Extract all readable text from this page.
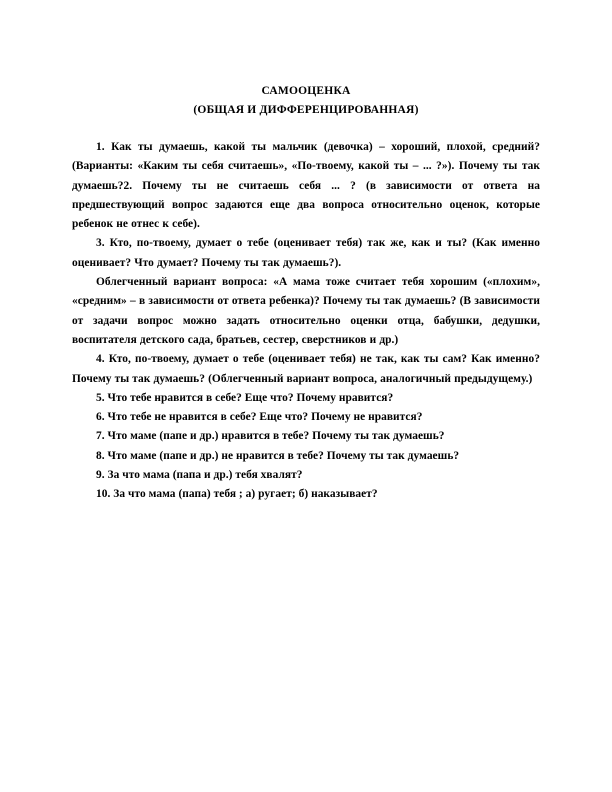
САМООЦЕНКА
(ОБЩАЯ И ДИФФЕРЕНЦИРОВАННАЯ)

1. Как ты думаешь, какой ты мальчик (девочка) – хороший, плохой, средний? (Варианты: «Каким ты себя считаешь», «По-твоему, какой ты – ... ?»). Почему ты так думаешь?2. Почему ты не считаешь себя ... ? (в зависимости от ответа на предшествующий вопрос задаются еще два вопроса относительно оценок, которые ребенок не отнес к себе).

3. Кто, по-твоему, думает о тебе (оценивает тебя) так же, как и ты? (Как именно оценивает? Что думает? Почему ты так думаешь?).

Облегченный вариант вопроса: «А мама тоже считает тебя хорошим («плохим», «средним» – в зависимости от ответа ребенка)? Почему ты так думаешь? (В зависимости от задачи вопрос можно задать относительно оценки отца, бабушки, дедушки, воспитателя детского сада, братьев, сестер, сверстников и др.)

4. Кто, по-твоему, думает о тебе (оценивает тебя) не так, как ты сам? Как именно? Почему ты так думаешь? (Облегченный вариант вопроса, аналогичный предыдущему.)

5. Что тебе нравится в себе? Еще что? Почему нравится?

6. Что тебе не нравится в себе? Еще что? Почему не нравится?

7. Что маме (папе и др.) нравится в тебе? Почему ты так думаешь?

8. Что маме (папе и др.) не нравится в тебе? Почему ты так думаешь?

9. За что мама (папа и др.) тебя хвалят?

10. За что мама (папа) тебя ; а) ругает; б) наказывает?
